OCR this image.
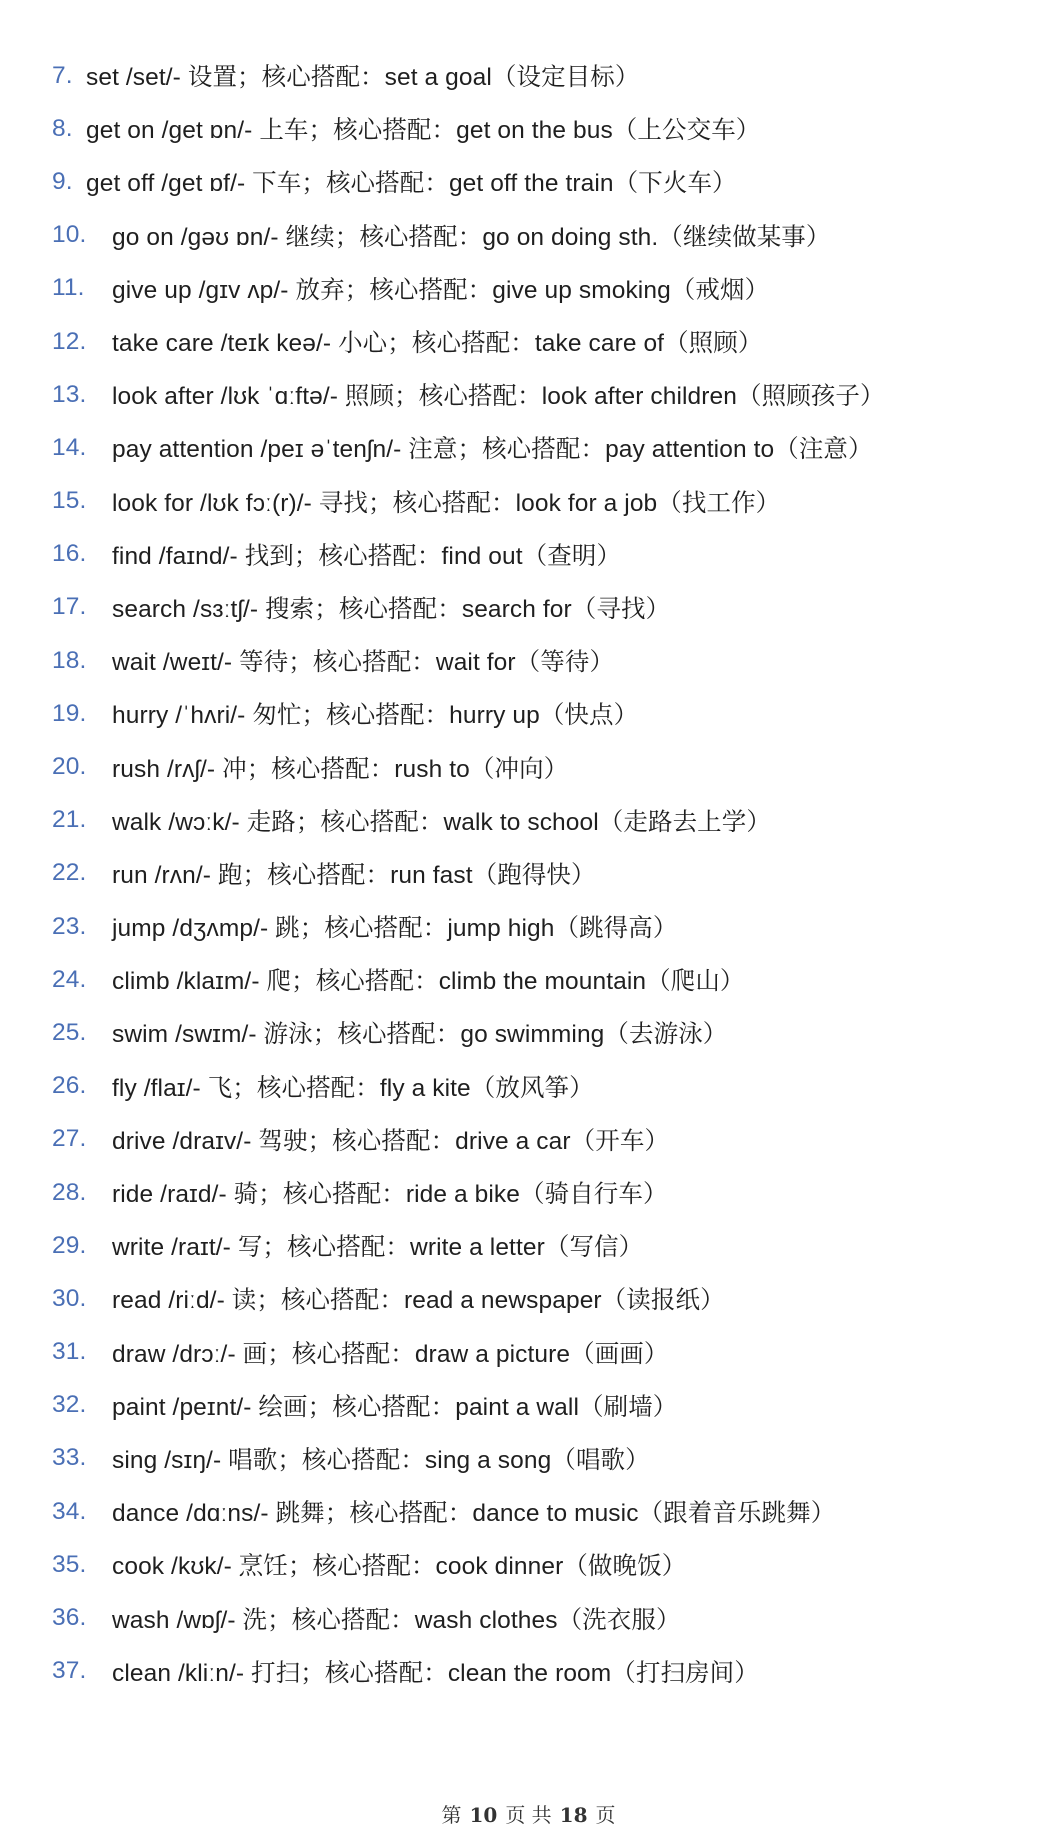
7. set /set/- 设置；核心搭配：set a goal（设定目标）
8. get on /get ɒn/- 上车；核心搭配：get on the bus（上公交车）
9. get off /get ɒf/- 下车；核心搭配：get off the train（下火车）
10.	go on /ɡəʊ ɒn/- 继续；核心搭配：go on doing sth.（继续做某事）
11.	give up /ɡɪv ʌp/- 放弃；核心搭配：give up smoking（戒烟）
12.	take care /teɪk keə/- 小心；核心搭配：take care of（照顾）
13.	look after /lʊk ˈɑːftə/- 照顾；核心搭配：look after children（照顾孩子）
14.	pay attention /peɪ əˈtenʃn/- 注意；核心搭配：pay attention to（注意）
15.	look for /lʊk fɔː(r)/- 寻找；核心搭配：look for a job（找工作）
16.	find /faɪnd/- 找到；核心搭配：find out（查明）
17.	search /sɜːtʃ/- 搜索；核心搭配：search for（寻找）
18.	wait /weɪt/- 等待；核心搭配：wait for（等待）
19.	hurry /ˈhʌri/- 匆忙；核心搭配：hurry up（快点）
20.	rush /rʌʃ/- 冲；核心搭配：rush to（冲向）
21.	walk /wɔːk/- 走路；核心搭配：walk to school（走路去上学）
22.	run /rʌn/- 跑；核心搭配：run fast（跑得快）
23.	jump /dʒʌmp/- 跳；核心搭配：jump high（跳得高）
24.	climb /klaɪm/- 爬；核心搭配：climb the mountain（爬山）
25.	swim /swɪm/- 游泳；核心搭配：go swimming（去游泳）
26.	fly /flaɪ/- 飞；核心搭配：fly a kite（放风筝）
27.	drive /draɪv/- 驾驶；核心搭配：drive a car（开车）
28.	ride /raɪd/- 骑；核心搭配：ride a bike（骑自行车）
29.	write /raɪt/- 写；核心搭配：write a letter（写信）
30.	read /riːd/- 读；核心搭配：read a newspaper（读报纸）
31.	draw /drɔː/- 画；核心搭配：draw a picture（画画）
32.	paint /peɪnt/- 绘画；核心搭配：paint a wall（刷墙）
33.	sing /sɪŋ/- 唱歌；核心搭配：sing a song（唱歌）
34.	dance /dɑːns/- 跳舞；核心搭配：dance to music（跟着音乐跳舞）
35.	cook /kʊk/- 烹饪；核心搭配：cook dinner（做晚饭）
36.	wash /wɒʃ/- 洗；核心搭配：wash clothes（洗衣服）
37.	clean /kliːn/- 打扫；核心搭配：clean the room（打扫房间）
第 10 页 共 18 页
